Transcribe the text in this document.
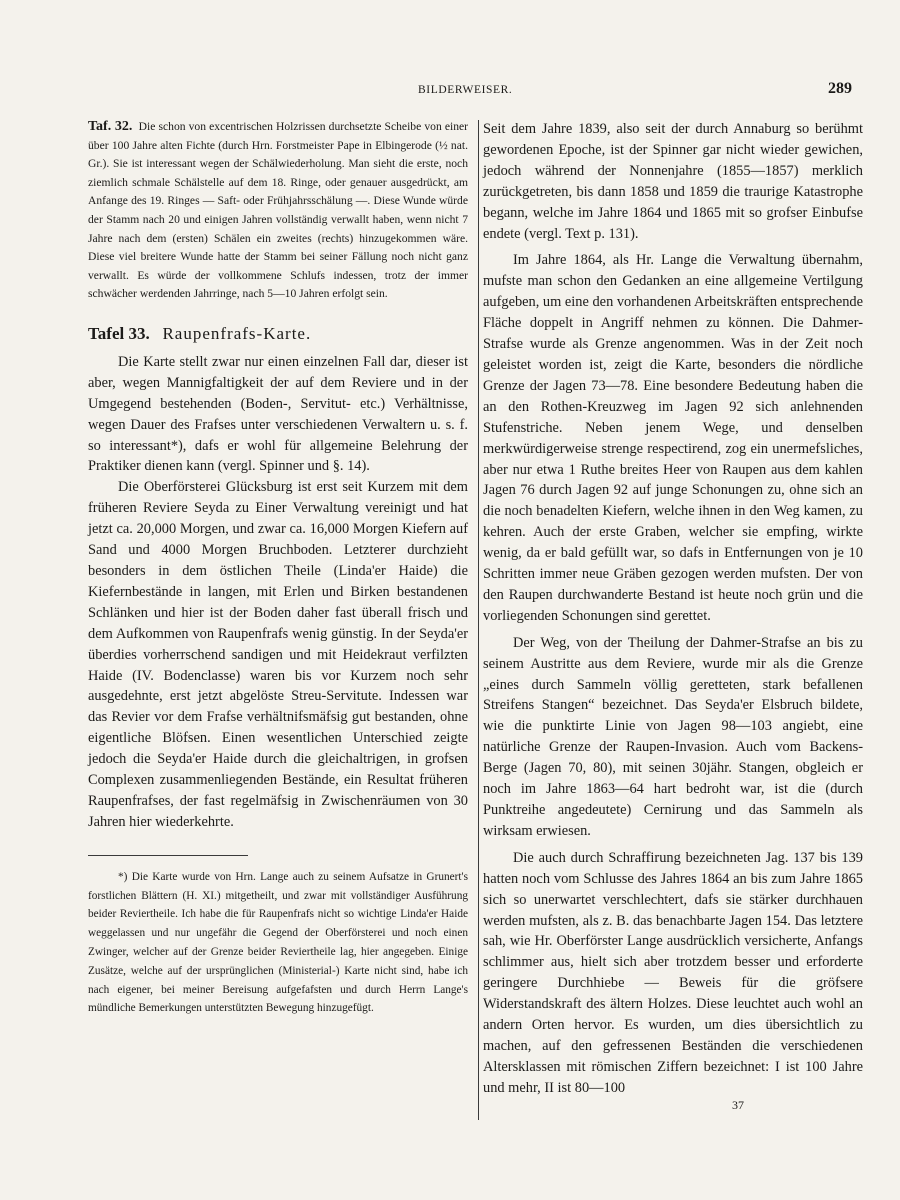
BILDERWEISER.	289

Taf. 32. Die schon von excentrischen Holzrissen durchsetzte Scheibe von einer über 100 Jahre alten Fichte (durch Hrn. Forstmeister Pape in Elbingerode (½ nat. Gr.). Sie ist interessant wegen der Schälwiederholung. Man sieht die erste, noch ziemlich schmale Schälstelle auf dem 18. Ringe, oder genauer ausgedrückt, am Anfange des 19. Ringes — Saft- oder Frühjahrsschälung —. Diese Wunde würde der Stamm nach 20 und einigen Jahren vollständig verwallt haben, wenn nicht 7 Jahre nach dem (ersten) Schälen ein zweites (rechts) hinzugekommen wäre. Diese viel breitere Wunde hatte der Stamm bei seiner Fällung noch nicht ganz verwallt. Es würde der vollkommene Schlufs indessen, trotz der immer schwächer werdenden Jahrringe, nach 5—10 Jahren erfolgt sein.

Tafel 33. Raupenfrafs-Karte.

Die Karte stellt zwar nur einen einzelnen Fall dar, dieser ist aber, wegen Mannigfaltigkeit der auf dem Reviere und in der Umgegend bestehenden (Boden-, Servitut- etc.) Verhältnisse, wegen Dauer des Frafses unter verschiedenen Verwaltern u. s. f. so interessant*), dafs er wohl für allgemeine Belehrung der Praktiker dienen kann (vergl. Spinner und §. 14).

Die Oberförsterei Glücksburg ist erst seit Kurzem mit dem früheren Reviere Seyda zu Einer Verwaltung vereinigt und hat jetzt ca. 20,000 Morgen, und zwar ca. 16,000 Morgen Kiefern auf Sand und 4000 Morgen Bruchboden. Letzterer durchzieht besonders in dem östlichen Theile (Linda'er Haide) die Kiefernbestände in langen, mit Erlen und Birken bestandenen Schlänken und hier ist der Boden daher fast überall frisch und dem Aufkommen von Raupenfrafs wenig günstig. In der Seyda'er überdies vorherrschend sandigen und mit Heidekraut verfilzten Haide (IV. Bodenclasse) waren bis vor Kurzem noch sehr ausgedehnte, erst jetzt abgelöste Streu-Servitute. Indessen war das Revier vor dem Frafse verhältnifsmäfsig gut bestanden, ohne eigentliche Blöfsen. Einen wesentlichen Unterschied zeigte jedoch die Seyda'er Haide durch die gleichaltrigen, in grofsen Complexen zusammenliegenden Bestände, ein Resultat früheren Raupenfrafses, der fast regelmäfsig in Zwischenräumen von 30 Jahren hier wiederkehrte.

*) Die Karte wurde von Hrn. Lange auch zu seinem Aufsatze in Grunert's forstlichen Blättern (H. XI.) mitgetheilt, und zwar mit vollständiger Ausführung beider Reviertheile. Ich habe die für Raupenfrafs nicht so wichtige Linda'er Haide weggelassen und nur ungefähr die Gegend der Oberförsterei und noch einen Zwinger, welcher auf der Grenze beider Reviertheile lag, hier angegeben. Einige Zusätze, welche auf der ursprünglichen (Ministerial-) Karte nicht sind, habe ich nach eigener, bei meiner Bereisung aufgefafsten und durch Herrn Lange's mündliche Bemerkungen unterstützten Bewegung hinzugefügt.

Seit dem Jahre 1839, also seit der durch Annaburg so berühmt gewordenen Epoche, ist der Spinner gar nicht wieder gewichen, jedoch während der Nonnenjahre (1855—1857) merklich zurückgetreten, bis dann 1858 und 1859 die traurige Katastrophe begann, welche im Jahre 1864 und 1865 mit so grofser Einbufse endete (vergl. Text p. 131).

Im Jahre 1864, als Hr. Lange die Verwaltung übernahm, mufste man schon den Gedanken an eine allgemeine Vertilgung aufgeben, um eine den vorhandenen Arbeitskräften entsprechende Fläche doppelt in Angriff nehmen zu können. Die Dahmer-Strafse wurde als Grenze angenommen. Was in der Zeit noch geleistet worden ist, zeigt die Karte, besonders die nördliche Grenze der Jagen 73—78. Eine besondere Bedeutung haben die an den Rothen-Kreuzweg im Jagen 92 sich anlehnenden Stufenstriche. Neben jenem Wege, und denselben merkwürdigerweise strenge respectirend, zog ein unermefsliches, aber nur etwa 1 Ruthe breites Heer von Raupen aus dem kahlen Jagen 76 durch Jagen 92 auf junge Schonungen zu, ohne sich an die noch benadelten Kiefern, welche ihnen in den Weg kamen, zu kehren. Auch der erste Graben, welcher sie empfing, wirkte wenig, da er bald gefüllt war, so dafs in Entfernungen von je 10 Schritten immer neue Gräben gezogen werden mufsten. Der von den Raupen durchwanderte Bestand ist heute noch grün und die vorliegenden Schonungen sind gerettet.

Der Weg, von der Theilung der Dahmer-Strafse an bis zu seinem Austritte aus dem Reviere, wurde mir als die Grenze „eines durch Sammeln völlig geretteten, stark befallenen Streifens Stangen“ bezeichnet. Das Seyda'er Elsbruch bildete, wie die punktirte Linie von Jagen 98—103 angiebt, eine natürliche Grenze der Raupen-Invasion. Auch vom Backens-Berge (Jagen 70, 80), mit seinen 30jähr. Stangen, obgleich er noch im Jahre 1863—64 hart bedroht war, ist die (durch Punktreihe angedeutete) Cernirung und das Sammeln als wirksam erwiesen.

Die auch durch Schraffirung bezeichneten Jag. 137 bis 139 hatten noch vom Schlusse des Jahres 1864 an bis zum Jahre 1865 sich so unerwartet verschlechtert, dafs sie stärker durchhauen werden mufsten, als z. B. das benachbarte Jagen 154. Das letztere sah, wie Hr. Oberförster Lange ausdrücklich versicherte, Anfangs schlimmer aus, hielt sich aber trotzdem besser und erforderte geringere Durchhiebe — Beweis für die gröfsere Widerstandskraft des ältern Holzes. Diese leuchtet auch wohl an andern Orten hervor. Es wurden, um dies übersichtlich zu machen, auf den gefressenen Beständen die verschiedenen Altersklassen mit römischen Ziffern bezeichnet: I ist 100 Jahre und mehr, II ist 80—100

37
